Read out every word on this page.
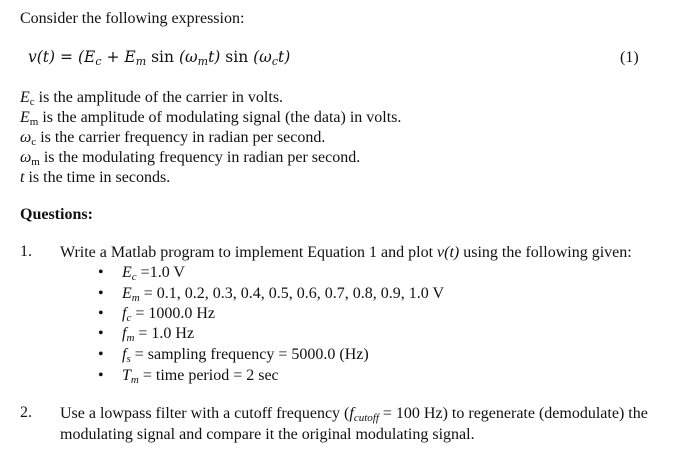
Consider the following expression:
$v(t) = (E_c + E_m$ $\sin (\omega_mt)$ $\sin (\omega_ct)$	(1)
$E_c$ is the amplitude of the carrier in volts.
$E_m$ is the amplitude of modulating signal (the data) in volts.
$\omega_c$ is the carrier frequency in radian per second.
$\omega_m$ is the modulating frequency in radian per second.
t is the time in seconds.
Questions:
1. Write a Matlab program to implement Equation 1 and plot v(t) using the following given:
• $E_c =1.0$ V
• $E_m = 0.1$, 0.2, 0.3, 0.4, 0.5, 0.6, 0.7, 0.8, 0.9, 1.0 V
• $f_c = 1000.0$ Hz
• $f_m = 1.0$ Hz
• $f_s$ = sampling frequency = 5000.0 (Hz)
• $T_m$ = time period = 2 sec
2. Use a lowpass filter with a cutoff frequency ($f_{cutoff} = 100$ Hz) to regenerate (demodulate) the
modulating signal and compare it the original modulating signal.
